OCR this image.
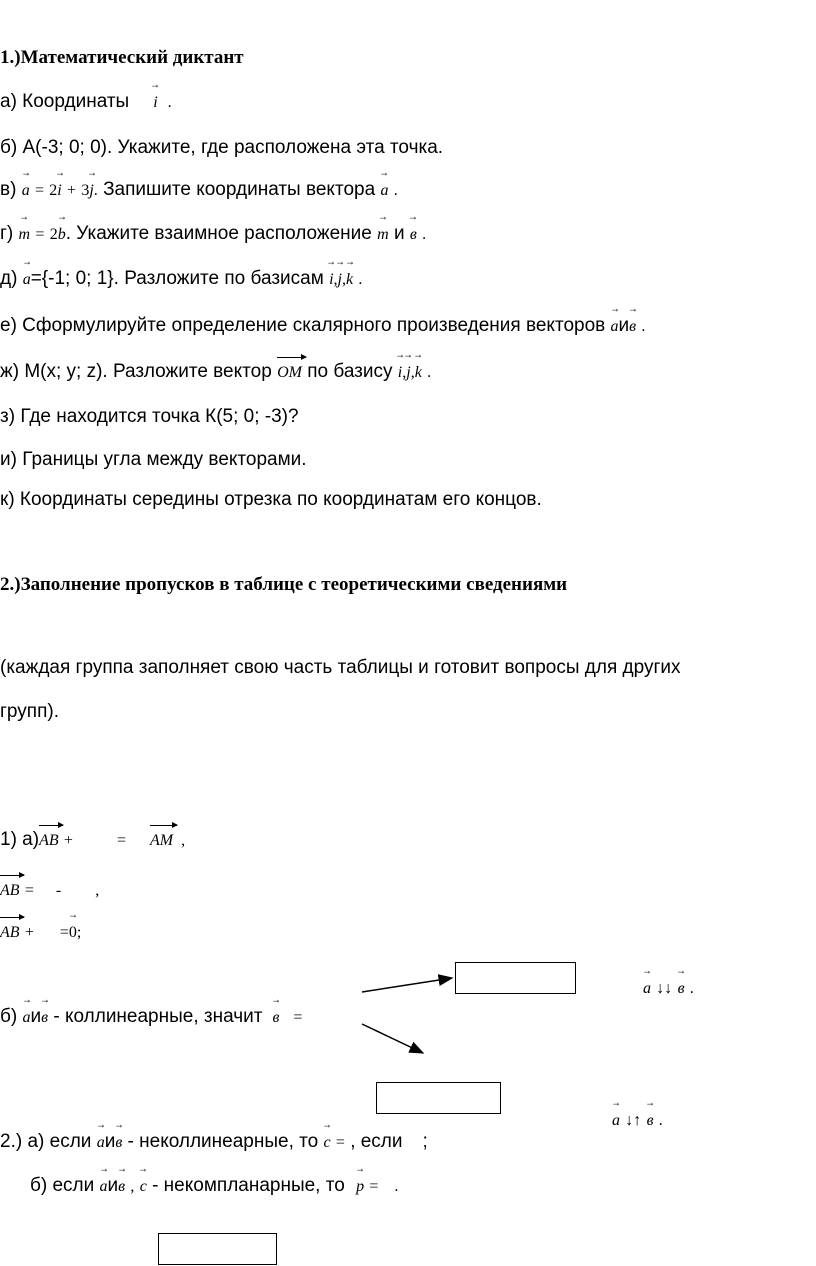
1.)Математический диктант
а) Координаты → i .
б) А(-3; 0; 0). Укажите, где расположена эта точка.
в) → a = 2→ i + 3→ j. Запишите координаты вектора → a .
г) → m = 2→ b. Укажите взаимное расположение → m и → в .
д) → a={-1; 0; 1}. Разложите по базисам → i,→ j,→ k .
е) Сформулируйте определение скалярного произведения векторов → aи→ в .
ж) М(х; у; z). Разложите вектор OM по базису → i,→ j,→ k .
з) Где находится точка К(5; 0; -3)?
и) Границы угла между векторами.
к) Координаты середины отрезка по координатам его концов.
2.)Заполнение пропусков в таблице с теоретическими сведениями
(каждая группа заполняет свою часть таблицы и готовит вопросы для других
групп).
1) а)AB +	= AM ,
AB = - ,
AB + =→ 0;
→ a ↓↓ → в .
б) → aи→ в - коллинеарные, значит → в =
→ a ↓↑ → в .
2.) а) если → aи→ в - неколлинеарные, то → c = , если ;
б) если → aи→ в , → c - некомпланарные, то → p = .
